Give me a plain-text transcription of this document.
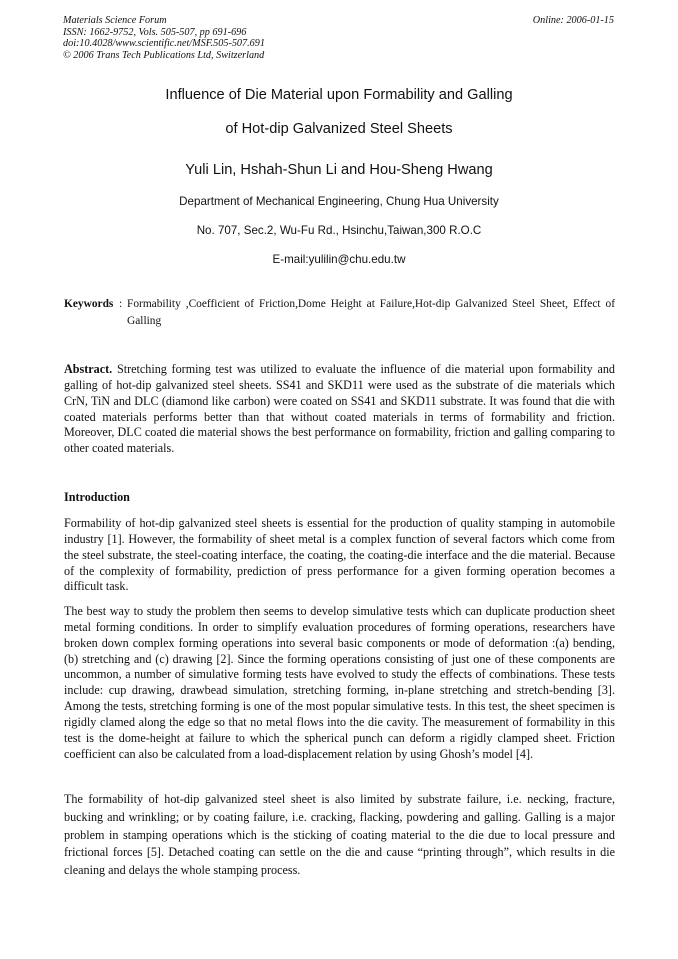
Materials Science Forum
ISSN: 1662-9752, Vols. 505-507, pp 691-696
doi:10.4028/www.scientific.net/MSF.505-507.691
© 2006 Trans Tech Publications Ltd, Switzerland
Online: 2006-01-15
Influence of Die Material upon Formability and Galling
of Hot-dip Galvanized Steel Sheets
Yuli Lin, Hshah-Shun Li and Hou-Sheng Hwang
Department of Mechanical Engineering, Chung Hua University
No. 707, Sec.2, Wu-Fu Rd., Hsinchu,Taiwan,300 R.O.C
E-mail:yulilin@chu.edu.tw
Keywords : Formability ,Coefficient of Friction,Dome Height at Failure,Hot-dip Galvanized Steel Sheet, Effect of Galling
Abstract. Stretching forming test was utilized to evaluate the influence of die material upon formability and galling of hot-dip galvanized steel sheets. SS41 and SKD11 were used as the substrate of die materials which CrN, TiN and DLC (diamond like carbon) were coated on SS41 and SKD11 substrate. It was found that die with coated materials performs better than that without coated materials in terms of formability and friction. Moreover, DLC coated die material shows the best performance on formability, friction and galling comparing to other coated materials.
Introduction
Formability of hot-dip galvanized steel sheets is essential for the production of quality stamping in automobile industry [1]. However, the formability of sheet metal is a complex function of several factors which come from the steel substrate, the steel-coating interface, the coating, the coating-die interface and the die material. Because of the complexity of formability, prediction of press performance for a given forming operation becomes a difficult task.
The best way to study the problem then seems to develop simulative tests which can duplicate production sheet metal forming conditions. In order to simplify evaluation procedures of forming operations, researchers have broken down complex forming operations into several basic components or mode of deformation :(a) bending, (b) stretching and (c) drawing [2]. Since the forming operations consisting of just one of these components are uncommon, a number of simulative forming tests have evolved to study the effects of combinations. These tests include: cup drawing, drawbead simulation, stretching forming, in-plane stretching and stretch-bending [3]. Among the tests, stretching forming is one of the most popular simulative tests. In this test, the sheet specimen is rigidly clamed along the edge so that no metal flows into the die cavity. The measurement of formability in this test is the dome-height at failure to which the spherical punch can deform a rigidly clamped sheet. Friction coefficient can also be calculated from a load-displacement relation by using Ghosh’s model [4].
The formability of hot-dip galvanized steel sheet is also limited by substrate failure, i.e. necking, fracture, bucking and wrinkling; or by coating failure, i.e. cracking, flacking, powdering and galling. Galling is a major problem in stamping operations which is the sticking of coating material to the die due to local pressure and frictional forces [5]. Detached coating can settle on the die and cause “printing through”, which results in die cleaning and delays the whole stamping process.
